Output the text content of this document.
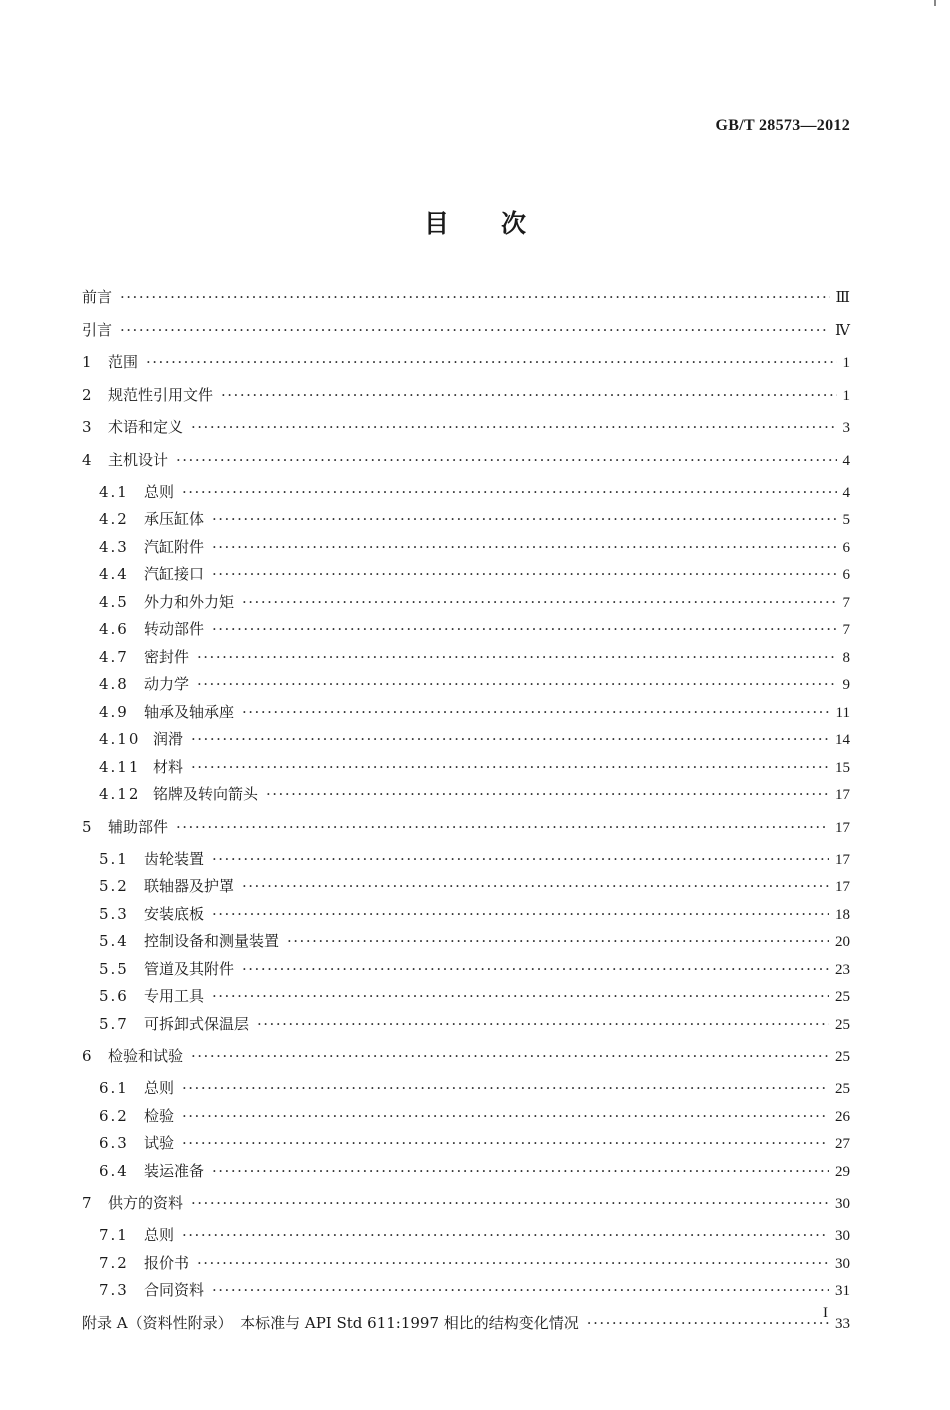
GB/T 28573—2012
目 次
前言 ·····	Ⅲ
引言 ·····	Ⅳ
1	范围 ·····	1
2	规范性引用文件 ·····	1
3	术语和定义 ·····	3
4	主机设计 ·····	4
4.1	总则 ·····	4
4.2	承压缸体 ·····	5
4.3	汽缸附件 ·····	6
4.4	汽缸接口 ·····	6
4.5	外力和外力矩 ·····	7
4.6	转动部件 ·····	7
4.7	密封件 ·····	8
4.8	动力学 ·····	9
4.9	轴承及轴承座 ·····	11
4.10 润滑 ·····	14
4.11 材料 ·····	15
4.12 铭牌及转向箭头 ·····	17
5	辅助部件 ·····	17
5.1	齿轮装置 ·····	17
5.2	联轴器及护罩 ·····	17
5.3	安装底板 ·····	18
5.4	控制设备和测量装置 ·····	20
5.5	管道及其附件 ·····	23
5.6	专用工具 ·····	25
5.7	可拆卸式保温层 ·····	25
6	检验和试验 ·····	25
6.1	总则 ·····	25
6.2	检验 ·····	26
6.3	试验 ·····	27
6.4	装运准备 ·····	29
7	供方的资料 ·····	30
7.1	总则 ·····	30
7.2	报价书 ·····	30
7.3	合同资料 ·····	31
附录 A（资料性附录）　本标准与 API Std 611:1997 相比的结构变化情况 ·····	33
I
